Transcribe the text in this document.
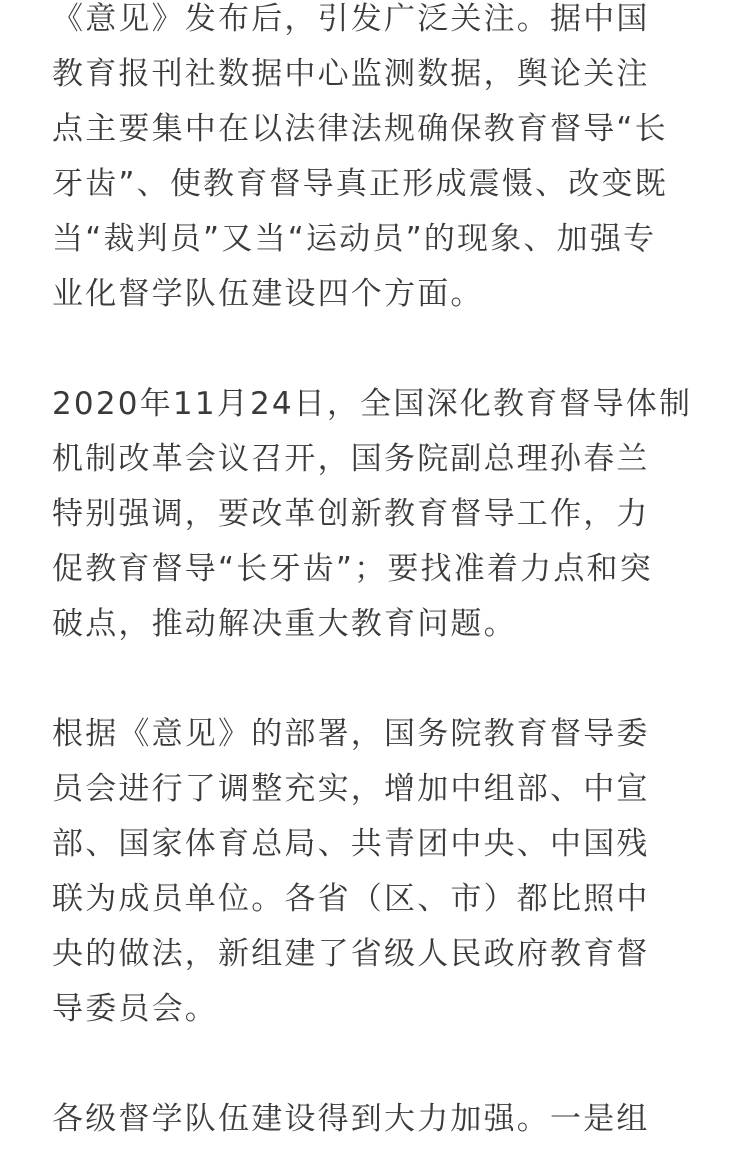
《意见》发布后，引发广泛关注。据中国
教育报刊社数据中心监测数据，舆论关注
点主要集中在以法律法规确保教育督导“长
牙齿”、使教育督导真正形成震慑、改变既
当“裁判员”又当“运动员”的现象、加强专
业化督学队伍建设四个方面。

2020年11月24日，全国深化教育督导体制
机制改革会议召开，国务院副总理孙春兰
特别强调，要改革创新教育督导工作，力
促教育督导“长牙齿”；要找准着力点和突
破点，推动解决重大教育问题。

根据《意见》的部署，国务院教育督导委
员会进行了调整充实，增加中组部、中宣
部、国家体育总局、共青团中央、中国残
联为成员单位。各省（区、市）都比照中
央的做法，新组建了省级人民政府教育督
导委员会。

各级督学队伍建设得到大力加强。一是组
